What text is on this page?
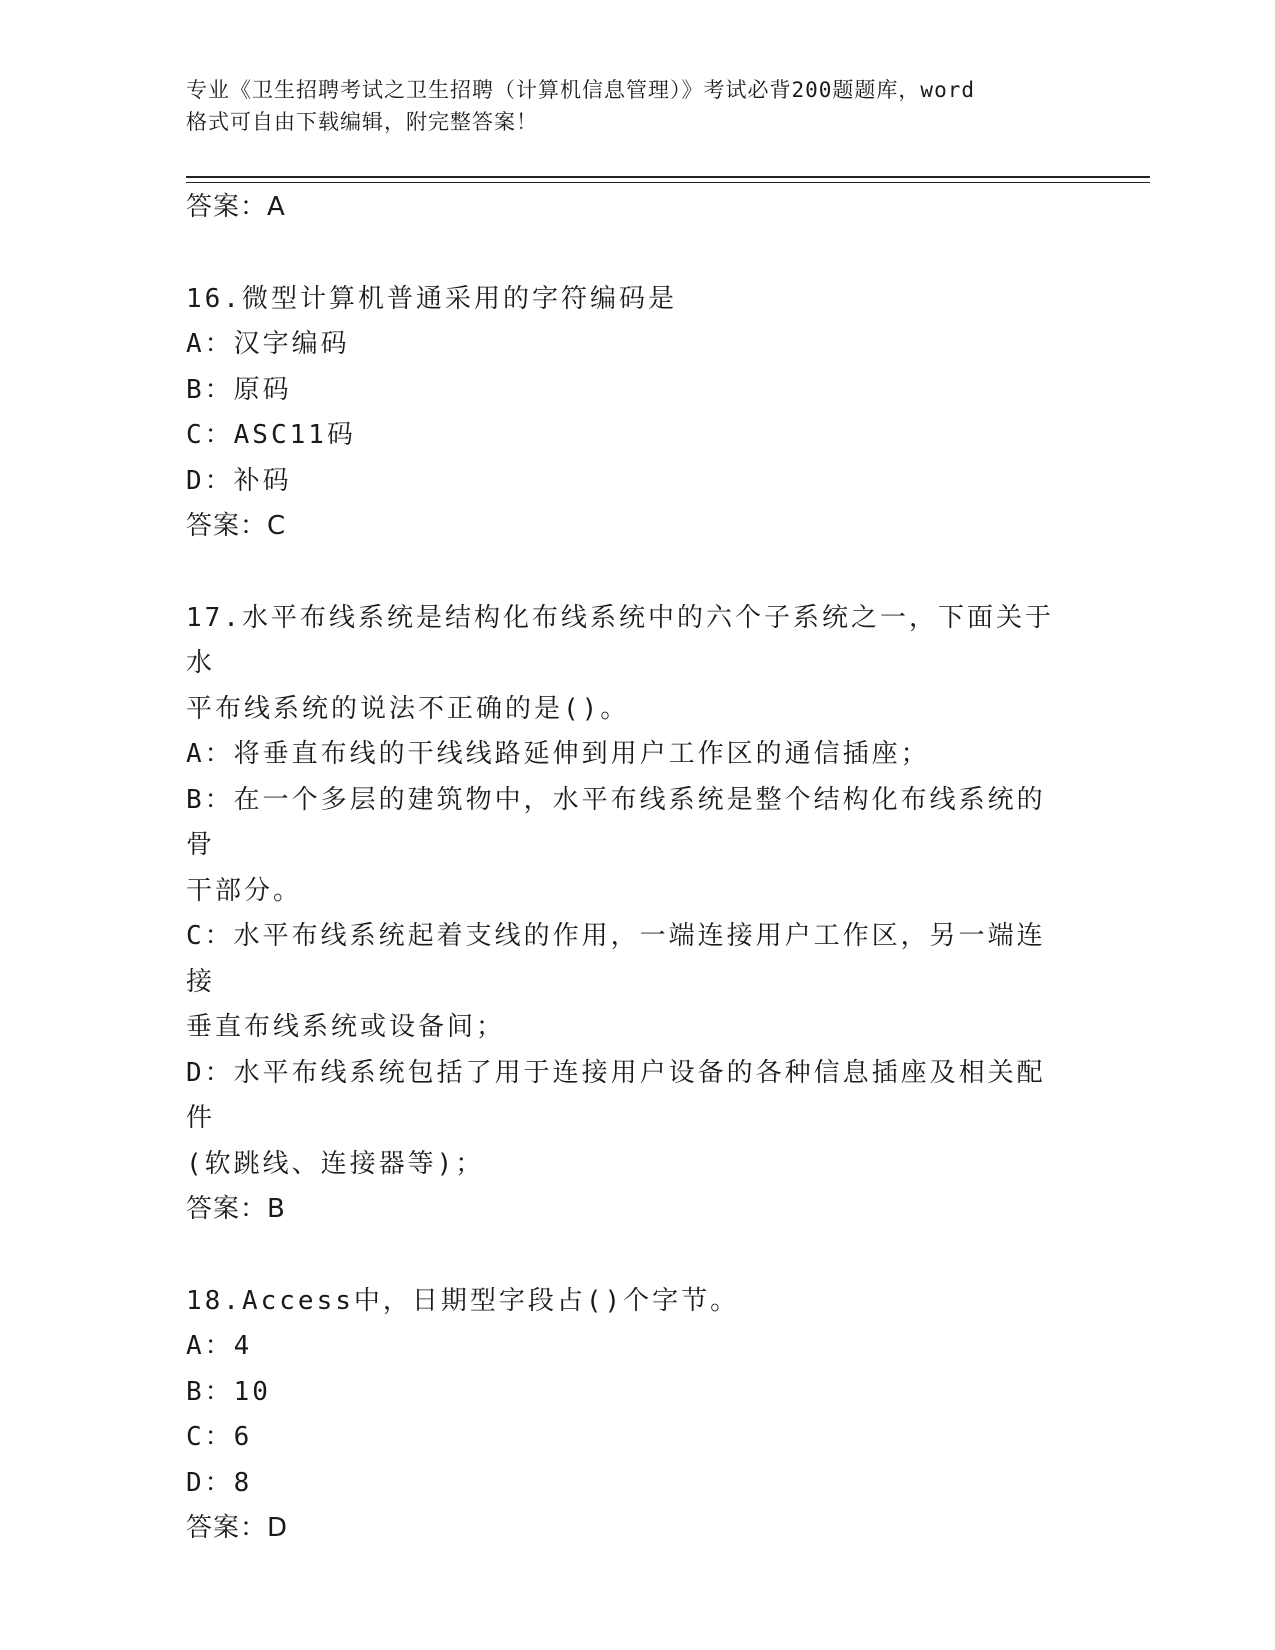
专业《卫生招聘考试之卫生招聘（计算机信息管理）》考试必背200题题库，word
格式可自由下载编辑，附完整答案！

答案：A

16.微型计算机普通采用的字符编码是

A：汉字编码

B：原码

C：ASC11码

D：补码

答案：C

17.水平布线系统是结构化布线系统中的六个子系统之一，下面关于水

平布线系统的说法不正确的是()。

A：将垂直布线的干线线路延伸到用户工作区的通信插座；

B：在一个多层的建筑物中，水平布线系统是整个结构化布线系统的骨

干部分。

C：水平布线系统起着支线的作用，一端连接用户工作区，另一端连接

垂直布线系统或设备间；

D：水平布线系统包括了用于连接用户设备的各种信息插座及相关配件

(软跳线、连接器等)；

答案：B

18.Access中，日期型字段占()个字节。

A：4

B：10

C：6

D：8

答案：D
